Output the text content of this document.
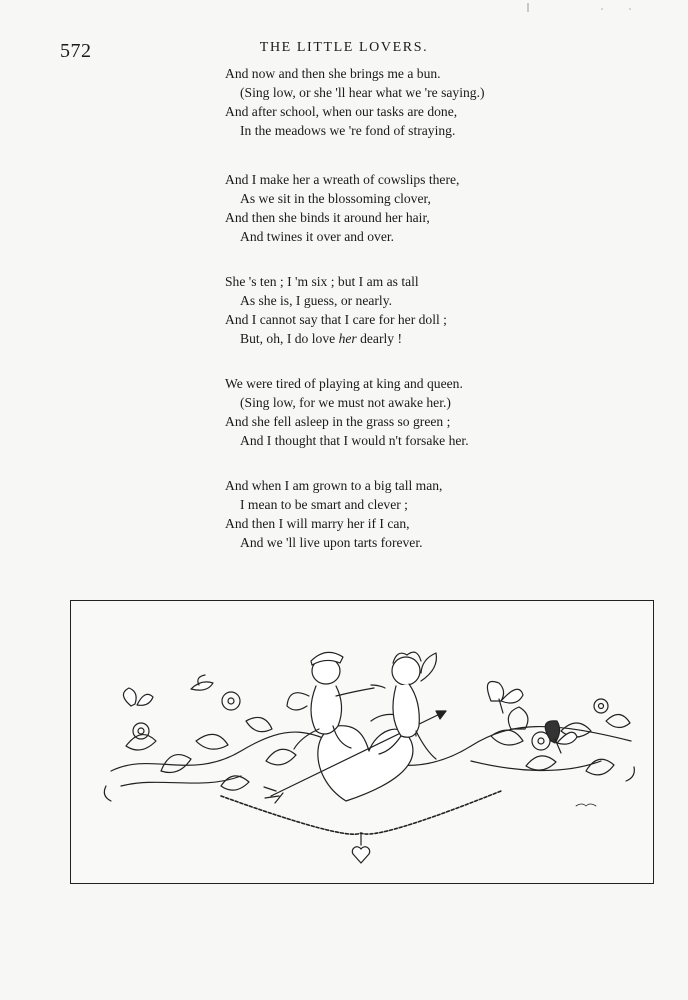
572	THE LITTLE LOVERS.
And now and then she brings me a bun.
(Sing low, or she 'll hear what we 're saying.)
And after school, when our tasks are done,
In the meadows we 're fond of straying.
And I make her a wreath of cowslips there,
As we sit in the blossoming clover,
And then she binds it around her hair,
And twines it over and over.
She 's ten ; I 'm six ; but I am as tall
As she is, I guess, or nearly.
And I cannot say that I care for her doll ;
But, oh, I do love her dearly !
We were tired of playing at king and queen.
(Sing low, for we must not awake her.)
And she fell asleep in the grass so green ;
And I thought that I would n't forsake her.
And when I am grown to a big tall man,
I mean to be smart and clever ;
And then I will marry her if I can,
And we 'll live upon tarts forever.
